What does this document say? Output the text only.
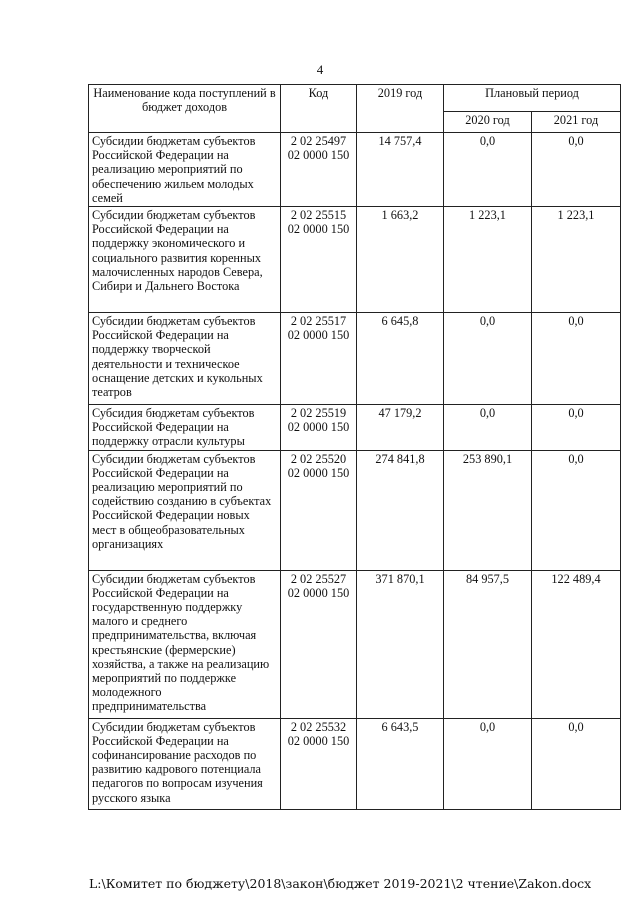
4
Наименование кода поступлений в бюджет доходов	Код	2019 год	Плановый период	
			2020 год	2021 год
Субсидии бюджетам субъектов Российской Федерации на реализацию мероприятий по обеспечению жильем молодых семей	2 02 25497 02 0000 150	14 757,4	0,0	0,0
Субсидии бюджетам субъектов Российской Федерации на поддержку экономического и социального развития коренных малочисленных народов Севера, Сибири и Дальнего Востока	2 02 25515 02 0000 150	1 663,2	1 223,1	1 223,1
Субсидии бюджетам субъектов Российской Федерации на поддержку творческой деятельности и техническое оснащение детских и кукольных театров	2 02 25517 02 0000 150	6 645,8	0,0	0,0
Субсидия бюджетам субъектов Российской Федерации на поддержку отрасли культуры	2 02 25519 02 0000 150	47 179,2	0,0	0,0
Субсидии бюджетам субъектов Российской Федерации на реализацию мероприятий по содействию созданию в субъектах Российской Федерации новых мест в общеобразовательных организациях	2 02 25520 02 0000 150	274 841,8	253 890,1	0,0
Субсидии бюджетам субъектов Российской Федерации на государственную поддержку малого и среднего предпринимательства, включая крестьянские (фермерские) хозяйства, а также на реализацию мероприятий по поддержке молодежного предпринимательства	2 02 25527 02 0000 150	371 870,1	84 957,5	122 489,4
Субсидии бюджетам субъектов Российской Федерации на софинансирование расходов по развитию кадрового потенциала педагогов по вопросам изучения русского языка	2 02 25532 02 0000 150	6 643,5	0,0	0,0
L:\Комитет по бюджету\2018\закон\бюджет 2019-2021\2 чтение\Zakon.docx
